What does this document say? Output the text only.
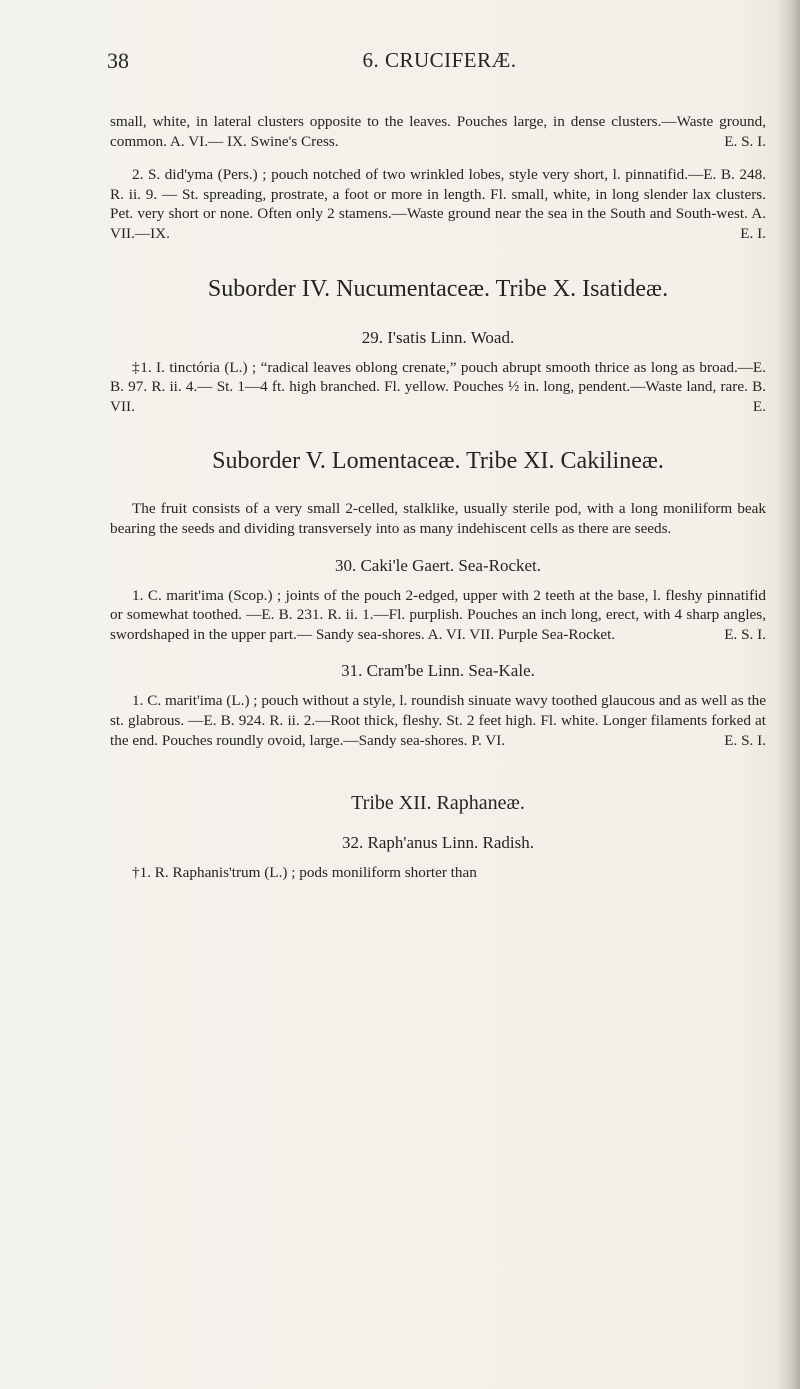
38	6. CRUCIFERÆ.

small, white, in lateral clusters opposite to the leaves. Pouches large, in dense clusters.—Waste ground, common. A. VI.— IX. Swine's Cress.	E. S. I.

2. S. did'yma (Pers.) ; pouch notched of two wrinkled lobes, style very short, l. pinnatifid.—E. B. 248. R. ii. 9. — St. spreading, prostrate, a foot or more in length. Fl. small, white, in long slender lax clusters. Pet. very short or none. Often only 2 stamens.—Waste ground near the sea in the South and South-west. A. VII.—IX.	E. I.

Suborder IV. Nucumentaceæ. Tribe X. Isatideæ.

29. I'satis Linn. Woad.

‡1. I. tinctória (L.) ; “radical leaves oblong crenate,” pouch abrupt smooth thrice as long as broad.—E. B. 97. R. ii. 4.— St. 1—4 ft. high branched. Fl. yellow. Pouches ½ in. long, pendent.—Waste land, rare. B. VII.	E.

Suborder V. Lomentaceæ. Tribe XI. Cakilineæ.

The fruit consists of a very small 2-celled, stalklike, usually sterile pod, with a long moniliform beak bearing the seeds and dividing transversely into as many indehiscent cells as there are seeds.

30. Caki'le Gaert. Sea-Rocket.

1. C. marit'ima (Scop.) ; joints of the pouch 2-edged, upper with 2 teeth at the base, l. fleshy pinnatifid or somewhat toothed. —E. B. 231. R. ii. 1.—Fl. purplish. Pouches an inch long, erect, with 4 sharp angles, swordshaped in the upper part.— Sandy sea-shores. A. VI. VII. Purple Sea-Rocket.	E. S. I.

31. Cram'be Linn. Sea-Kale.

1. C. marit'ima (L.) ; pouch without a style, l. roundish sinuate wavy toothed glaucous and as well as the st. glabrous. —E. B. 924. R. ii. 2.—Root thick, fleshy. St. 2 feet high. Fl. white. Longer filaments forked at the end. Pouches roundly ovoid, large.—Sandy sea-shores. P. VI.	E. S. I.

Tribe XII. Raphaneæ.

32. Raph'anus Linn. Radish.

†1. R. Raphanis'trum (L.) ; pods moniliform shorter than
